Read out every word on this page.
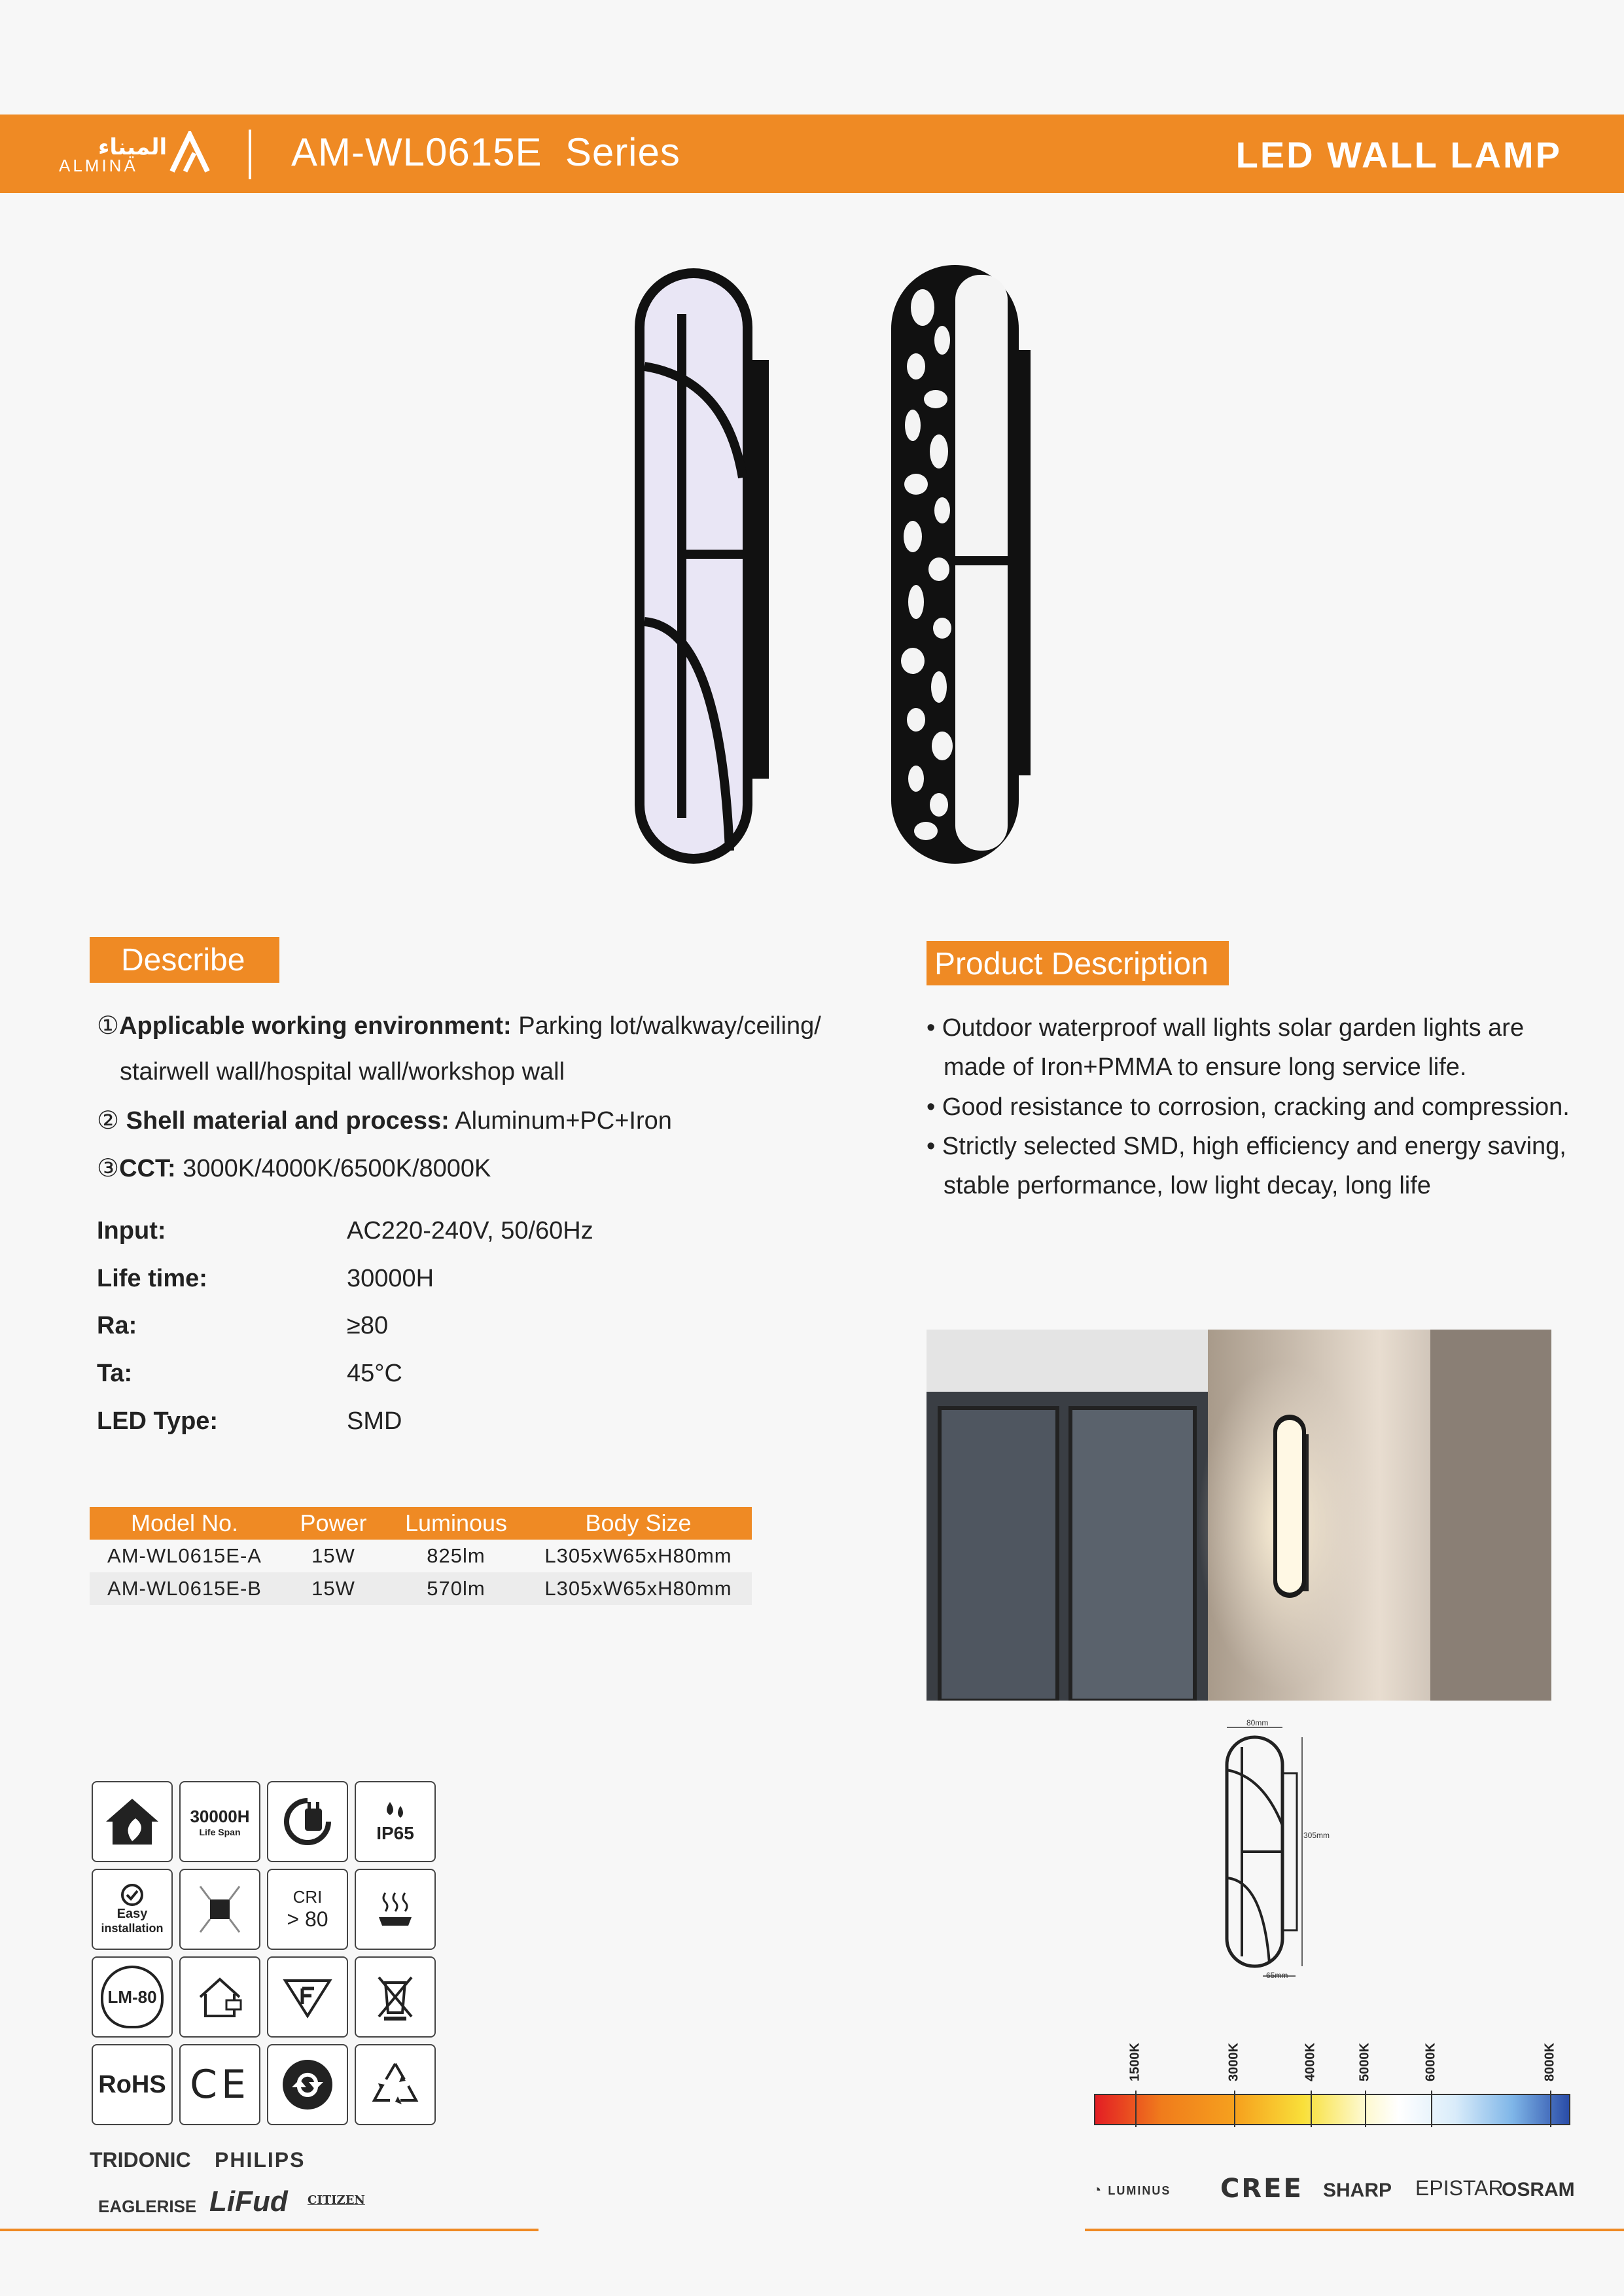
الميناء
ALMINA	AM-WL0615E  Series	LED WALL LAMP
Describe
①Applicable working environment: Parking lot/walkway/ceiling/
stairwell wall/hospital wall/workshop wall
② Shell material and process: Aluminum+PC+Iron
③CCT: 3000K/4000K/6500K/8000K
Input:	AC220-240V, 50/60Hz
Life time:	30000H
Ra:	≥80
Ta:	45°C
LED Type:	SMD
Product Description
• Outdoor waterproof wall lights solar garden lights are
made of Iron+PMMA to ensure long service life.
• Good resistance to corrosion, cracking and compression.
• Strictly selected SMD, high efficiency and energy saving,
stable performance, low light decay, long life
Model No.	Power	Luminous	Body Size
AM-WL0615E-A	15W	825lm	L305xW65xH80mm
AM-WL0615E-B	15W	570lm	L305xW65xH80mm
80mm
305mm
65mm
1500K	3000K	4000K	5000K	6000K	8000K
30000H
Life Span	IP65
Easy
installation
CRI
> 80
LM-80
RoHS CE
TRIDONIC PHILIPS
EAGLERISE LiFud CITIZEN
◔ LUMINUS CREE SHARP EPISTAR
OSRAM
